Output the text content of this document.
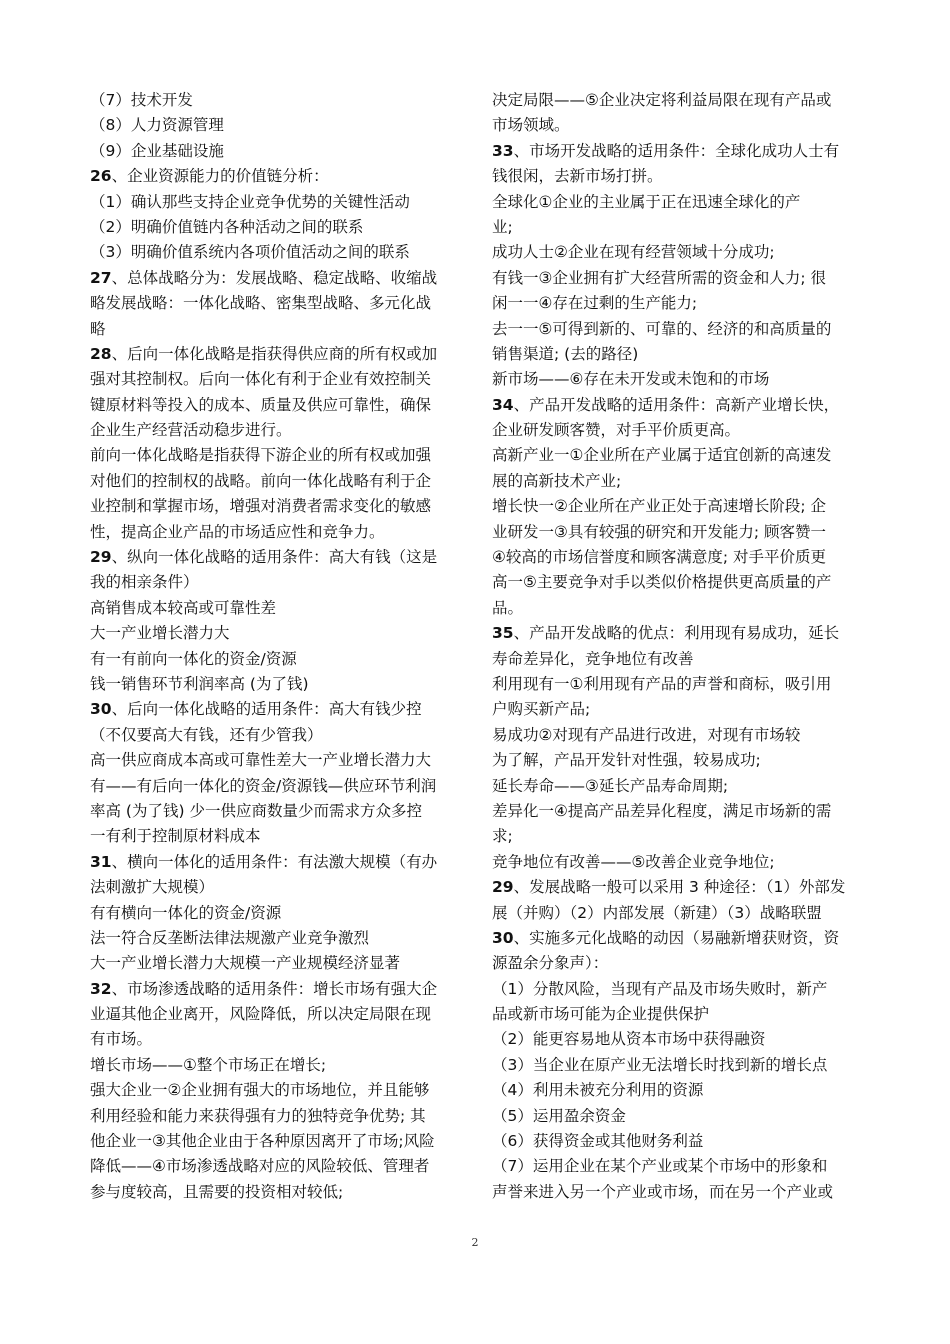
（7）技术开发
（8）人力资源管理
（9）企业基础设施
26、企业资源能力的价值链分析：
（1）确认那些支持企业竞争优势的关键性活动
（2）明确价值链内各种活动之间的联系
（3）明确价值系统内各项价值活动之间的联系
27、总体战略分为：发展战略、稳定战略、收缩战
略发展战略：一体化战略、密集型战略、多元化战
略
28、后向一体化战略是指获得供应商的所有权或加
强对其控制权。后向一体化有利于企业有效控制关
键原材料等投入的成本、质量及供应可靠性，确保
企业生产经营活动稳步进行。
前向一体化战略是指获得下游企业的所有权或加强
对他们的控制权的战略。前向一体化战略有利于企
业控制和掌握市场，增强对消费者需求变化的敏感
性，提高企业产品的市场适应性和竞争力。
29、纵向一体化战略的适用条件：高大有钱（这是
我的相亲条件）
高销售成本较高或可靠性差
大一产业增长潜力大
有一有前向一体化的资金/资源
钱一销售环节利润率高 (为了钱)
30、后向一体化战略的适用条件：高大有钱少控
（不仅要高大有钱，还有少管我）
高一供应商成本高或可靠性差大一产业增长潜力大
有——有后向一体化的资金/资源钱—供应环节利润
率高 (为了钱) 少一供应商数量少而需求方众多控
一有利于控制原材料成本
31、横向一体化的适用条件：有法激大规模（有办
法刺激扩大规模）
有有横向一体化的资金/资源
法一符合反垄断法律法规激产业竞争激烈
大一产业增长潜力大规模一产业规模经济显著
32、市场渗透战略的适用条件：增长市场有强大企
业逼其他企业离开，风险降低，所以决定局限在现
有市场。
增长市场——①整个市场正在增长;
强大企业一②企业拥有强大的市场地位，并且能够
利用经验和能力来获得强有力的独特竞争优势; 其
他企业一③其他企业由于各种原因离开了市场;风险
降低——④市场渗透战略对应的风险较低、管理者
参与度较高，且需要的投资相对较低;
决定局限——⑤企业决定将利益局限在现有产品或
市场领域。
33、市场开发战略的适用条件：全球化成功人士有
钱很闲，去新市场打拼。
全球化①企业的主业属于正在迅速全球化的产
业;
成功人士②企业在现有经营领域十分成功;
有钱一③企业拥有扩大经营所需的资金和人力; 很
闲一一④存在过剩的生产能力;
去一一⑤可得到新的、可靠的、经济的和高质量的
销售渠道; (去的路径)
新市场——⑥存在未开发或未饱和的市场
34、产品开发战略的适用条件：高新产业增长快，
企业研发顾客赞，对手平价质更高。
高新产业一①企业所在产业属于适宜创新的高速发
展的高新技术产业;
增长快一②企业所在产业正处于高速增长阶段; 企
业研发一③具有较强的研究和开发能力; 顾客赞一
④较高的市场信誉度和顾客满意度; 对手平价质更
高一⑤主要竞争对手以类似价格提供更高质量的产
品。
35、产品开发战略的优点：利用现有易成功，延长
寿命差异化，竞争地位有改善
利用现有一①利用现有产品的声誉和商标，吸引用
户购买新产品;
易成功②对现有产品进行改进，对现有市场较
为了解，产品开发针对性强，较易成功;
延长寿命——③延长产品寿命周期;
差异化一④提高产品差异化程度，满足市场新的需
求;
竞争地位有改善——⑤改善企业竞争地位;
29、发展战略一般可以采用 3 种途径：（1）外部发
展（并购）（2）内部发展（新建）（3）战略联盟
30、实施多元化战略的动因（易融新增获财资，资
源盈余分象声）：
（1）分散风险，当现有产品及市场失败时，新产
品或新市场可能为企业提供保护
（2）能更容易地从资本市场中获得融资
（3）当企业在原产业无法增长时找到新的增长点
（4）利用未被充分利用的资源
（5）运用盈余资金
（6）获得资金或其他财务利益
（7）运用企业在某个产业或某个市场中的形象和
声誉来进入另一个产业或市场，而在另一个产业或
2
